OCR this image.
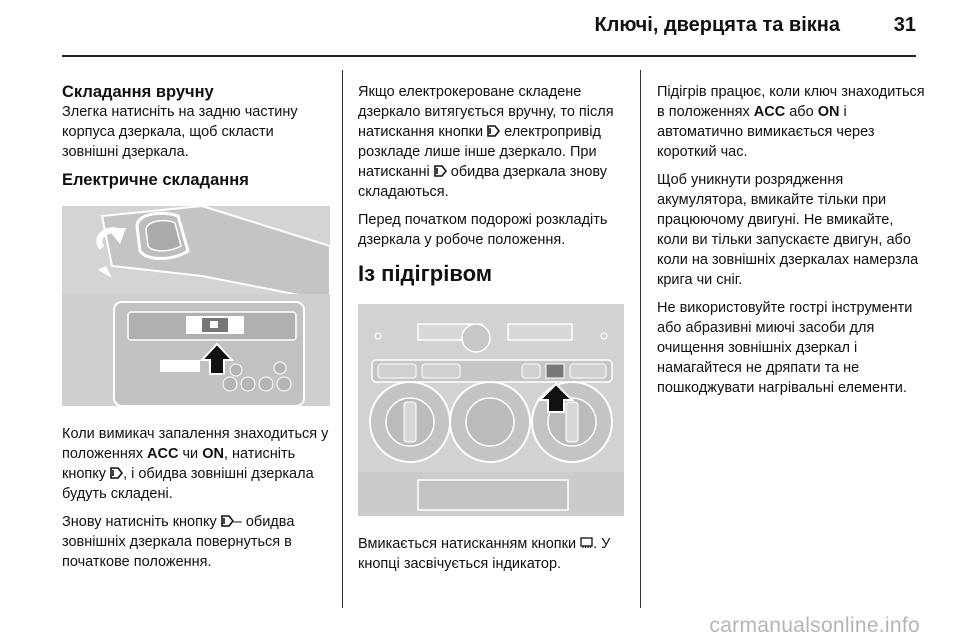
Ключі, дверцята та вікна	31
Складання вручну

Злегка натисніть на задню частину корпуса дзеркала, щоб скласти зовнішні дзеркала.

Електричне складання

Коли вимикач запалення знаходиться у положеннях ACC чи ON, натисніть кнопку , і обидва зовнішні дзеркала будуть складені.

Знову натисніть кнопку – обидва зовнішніх дзеркала повернуться в початкове положення.

Якщо електрокероване складене дзеркало витягується вручну, то після натискання кнопки  електропривід розкладе лише інше дзеркало. При натисканні  обидва дзеркала знову складаються.

Перед початком подорожі розкладіть дзеркала у робоче положення.

Із підігрівом

Вмикається натисканням кнопки . У кнопці засвічується індикатор.

Підігрів працює, коли ключ знаходиться в положеннях ACC або ON і автоматично вимикається через короткий час.

Щоб уникнути розрядження акумулятора, вмикайте тільки при працюючому двигуні. Не вмикайте, коли ви тільки запускаєте двигун, або коли на зовнішніх дзеркалах намерзла крига чи сніг.

Не використовуйте гострі інструменти або абразивні миючі засоби для очищення зовнішніх дзеркал і намагайтеся не дряпати та не пошкоджувати нагрівальні елементи.

carmanualsonline.info
